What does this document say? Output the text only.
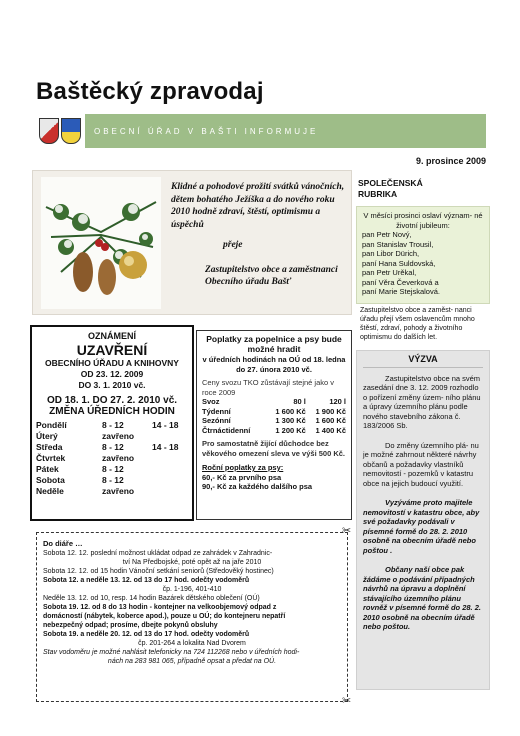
Baštěcký zpravodaj
OBECNÍ ÚŘAD V BAŠTI INFORMUJE
9. prosince 2009
Klidné a pohodové prožití svátků vánočních, dětem bohatého Ježíška a do nového roku 2010 hodně zdraví, štěstí, optimismu a úspěchů
přeje
Zastupitelstvo obce a zaměstnanci Obecního úřadu Bašť
OZNÁMENÍ
UZAVŘENÍ
OBECNÍHO ÚŘADU A KNIHOVNY
OD 23. 12. 2009
DO 3. 1. 2010 vč.
OD 18. 1. DO 27. 2. 2010 vč.
ZMĚNA ÚŘEDNÍCH HODIN
Pondělí	8 - 12	14 - 18
Úterý	zavřeno
Středa	8 - 12	14 - 18
Čtvrtek	zavřeno
Pátek	8 - 12
Sobota	8 - 12
Neděle	zavřeno
Poplatky za popelnice a psy bude možné hradit
v úředních hodinách na OÚ od 18. ledna do 27. února 2010 vč.
Ceny svozu TKO zůstávají stejné jako v roce 2009
Svoz	80 l	120 l
Týdenní	1 600 Kč	1 900 Kč
Sezónní	1 300 Kč	1 600 Kč
Čtrnáctidenní	1 200 Kč	1 400 Kč
Pro samostatně žijící důchodce bez věkového omezení sleva ve výši 500 Kč.
Roční poplatky za psy:
60,- Kč za prvního psa
90,- Kč za každého dalšího psa
Do diáře …
Sobota 12. 12. poslední možnost ukládat odpad ze zahrádek v Zahradnic-
tví Na Předbojské, poté opět až na jaře 2010
Sobota 12. 12. od 15 hodin Vánoční setkání seniorů (Středověký hostinec)
Sobota 12. a neděle 13. 12. od 13 do 17 hod. odečty vodoměrů
čp. 1-196, 401-410
Neděle 13. 12. od 10, resp. 14 hodin Bazárek dětského oblečení (OÚ)
Sobota 19. 12. od 8 do 13 hodin - kontejner na velkoobjemový odpad z
domácností (nábytek, koberce apod.), pouze u OÚ; do kontejneru nepatří
nebezpečný odpad; prosíme, dbejte pokynů obsluhy
Sobota 19. a neděle 20. 12. od 13 do 17 hod. odečty vodoměrů
čp. 201-264 a lokalita Nad Dvorem
Stav vodoměru je možné nahlásit telefonicky na 724 112268 nebo v úředních hodi-
nách na 283 981 065, případně opsat a předat na OÚ.
✂
✂
SPOLEČENSKÁ
RUBRIKA
V měsíci prosinci oslaví význam- né životní jubileum:
pan Petr Nový,
pan Stanislav Trousil,
pan Libor Dürich,
paní Hana Suldovská,
pan Petr Urěkal,
paní Věra Čeverková a
paní Marie Stejskalová.
Zastupitelstvo obce a zaměst- nanci úřadu přejí všem oslavencům mnoho štěstí, zdraví, pohody a životního optimismu do dalších let.
VÝZVA
Zastupitelstvo obce na svém zasedání dne 3. 12. 2009 rozhodlo o pořízení změny územ- ního plánu a úpravy územního plánu podle nového stavebního zákona č. 183/2006 Sb.
Do změny územního plá- nu je možné zahrnout některé návrhy občanů a požadavky vlastníků nemovitostí - pozemků v katastru obce na jejich budoucí využití.
Vyzýváme proto majitele nemovitostí v katastru obce, aby své požadavky podávali v písemné formě do 28. 2. 2010 osobně na obecním úřadě nebo poštou .
Občany naší obce pak žádáme o podávání případných návrhů na úpravu a doplnění stávajícího územního plánu rovněž v písemné formě do 28. 2. 2010 osobně na obecním úřadě nebo poštou.
